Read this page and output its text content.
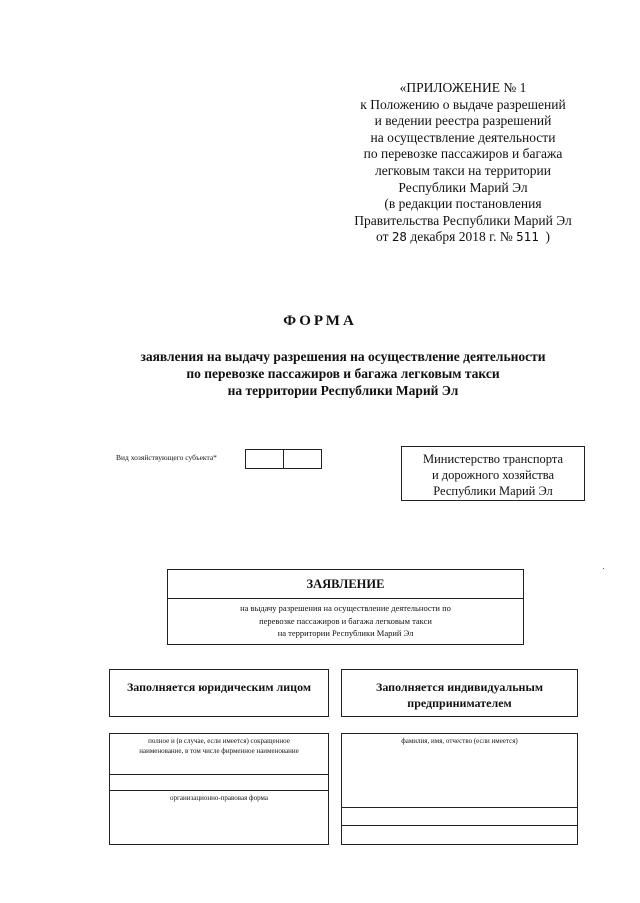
«ПРИЛОЖЕНИЕ № 1
к Положению о выдаче разрешений
и ведении реестра разрешений
на осуществление деятельности
по перевозке пассажиров и багажа
легковым такси на территории
Республики Марий Эл
(в редакции постановления
Правительства Республики Марий Эл
от 28 декабря 2018 г. № 511 )
ФОРМА
заявления на выдачу разрешения на осуществление деятельности
по перевозке пассажиров и багажа легковым такси
на территории Республики Марий Эл
Вид хозяйствующего субъекта*	Министерство транспорта
и дорожного хозяйства
Республики Марий Эл
ЗАЯВЛЕНИЕ
на выдачу разрешения на осуществление деятельности по
перевозке пассажиров и багажа легковым такси
на территории Республики Марий Эл
Заполняется юридическим лицом	Заполняется индивидуальным
предпринимателем
полное и (в случае, если имеется) сокращенное
наименование, в том числе фирменное наименование
организационно-правовая форма
фамилия, имя, отчество (если имеется)
